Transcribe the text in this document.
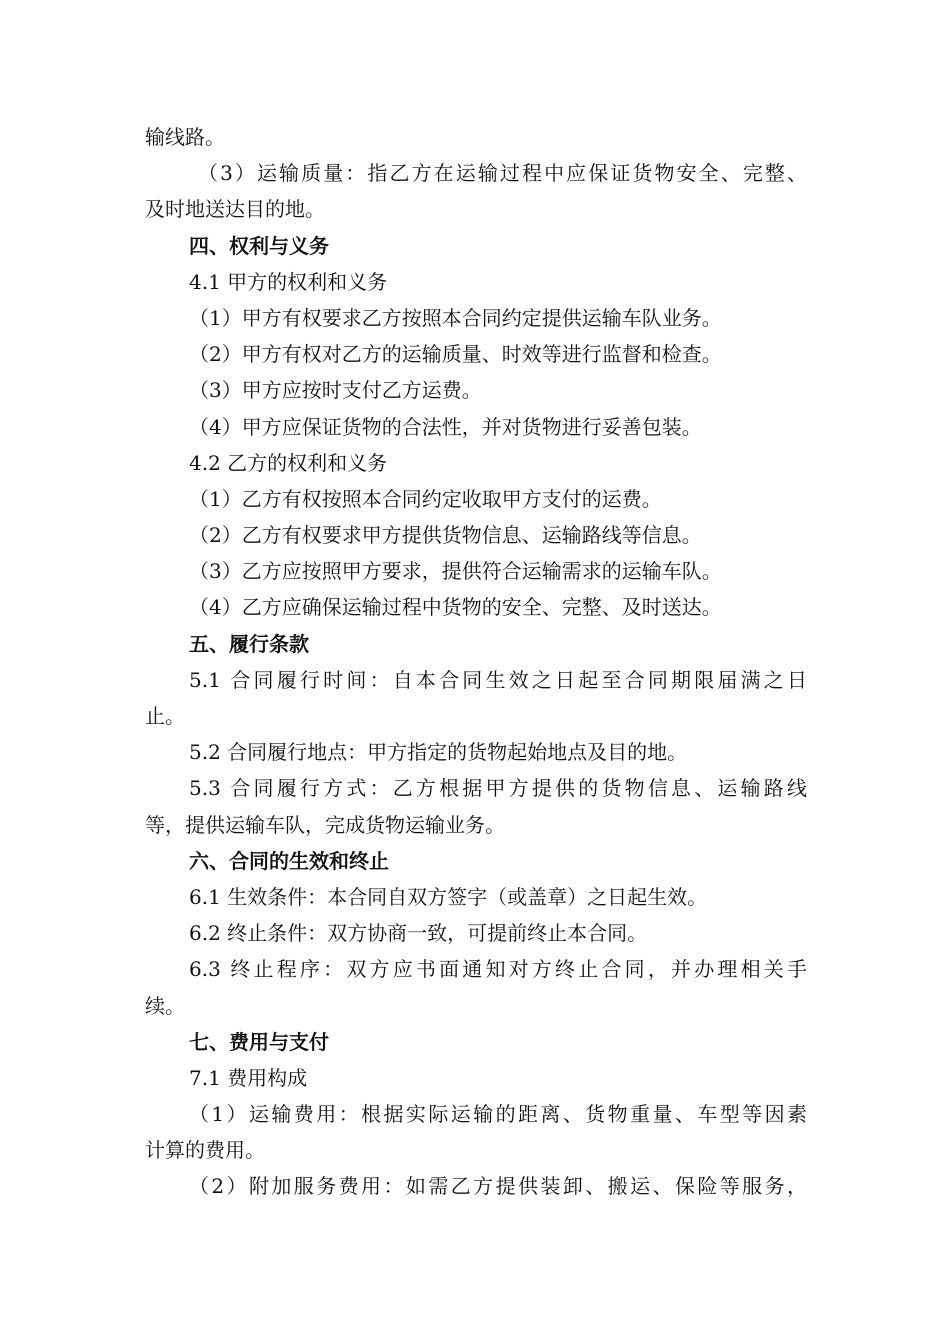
输线路。
（3）运输质量：指乙方在运输过程中应保证货物安全、完整、
及时地送达目的地。
四、权利与义务
4.1 甲方的权利和义务
（1）甲方有权要求乙方按照本合同约定提供运输车队业务。
（2）甲方有权对乙方的运输质量、时效等进行监督和检查。
（3）甲方应按时支付乙方运费。
（4）甲方应保证货物的合法性，并对货物进行妥善包装。
4.2 乙方的权利和义务
（1）乙方有权按照本合同约定收取甲方支付的运费。
（2）乙方有权要求甲方提供货物信息、运输路线等信息。
（3）乙方应按照甲方要求，提供符合运输需求的运输车队。
（4）乙方应确保运输过程中货物的安全、完整、及时送达。
五、履行条款
5.1 合同履行时间：自本合同生效之日起至合同期限届满之日
止。
5.2 合同履行地点：甲方指定的货物起始地点及目的地。
5.3 合同履行方式：乙方根据甲方提供的货物信息、运输路线
等，提供运输车队，完成货物运输业务。
六、合同的生效和终止
6.1 生效条件：本合同自双方签字（或盖章）之日起生效。
6.2 终止条件：双方协商一致，可提前终止本合同。
6.3 终止程序：双方应书面通知对方终止合同，并办理相关手
续。
七、费用与支付
7.1 费用构成
（1）运输费用：根据实际运输的距离、货物重量、车型等因素
计算的费用。
（2）附加服务费用：如需乙方提供装卸、搬运、保险等服务，
